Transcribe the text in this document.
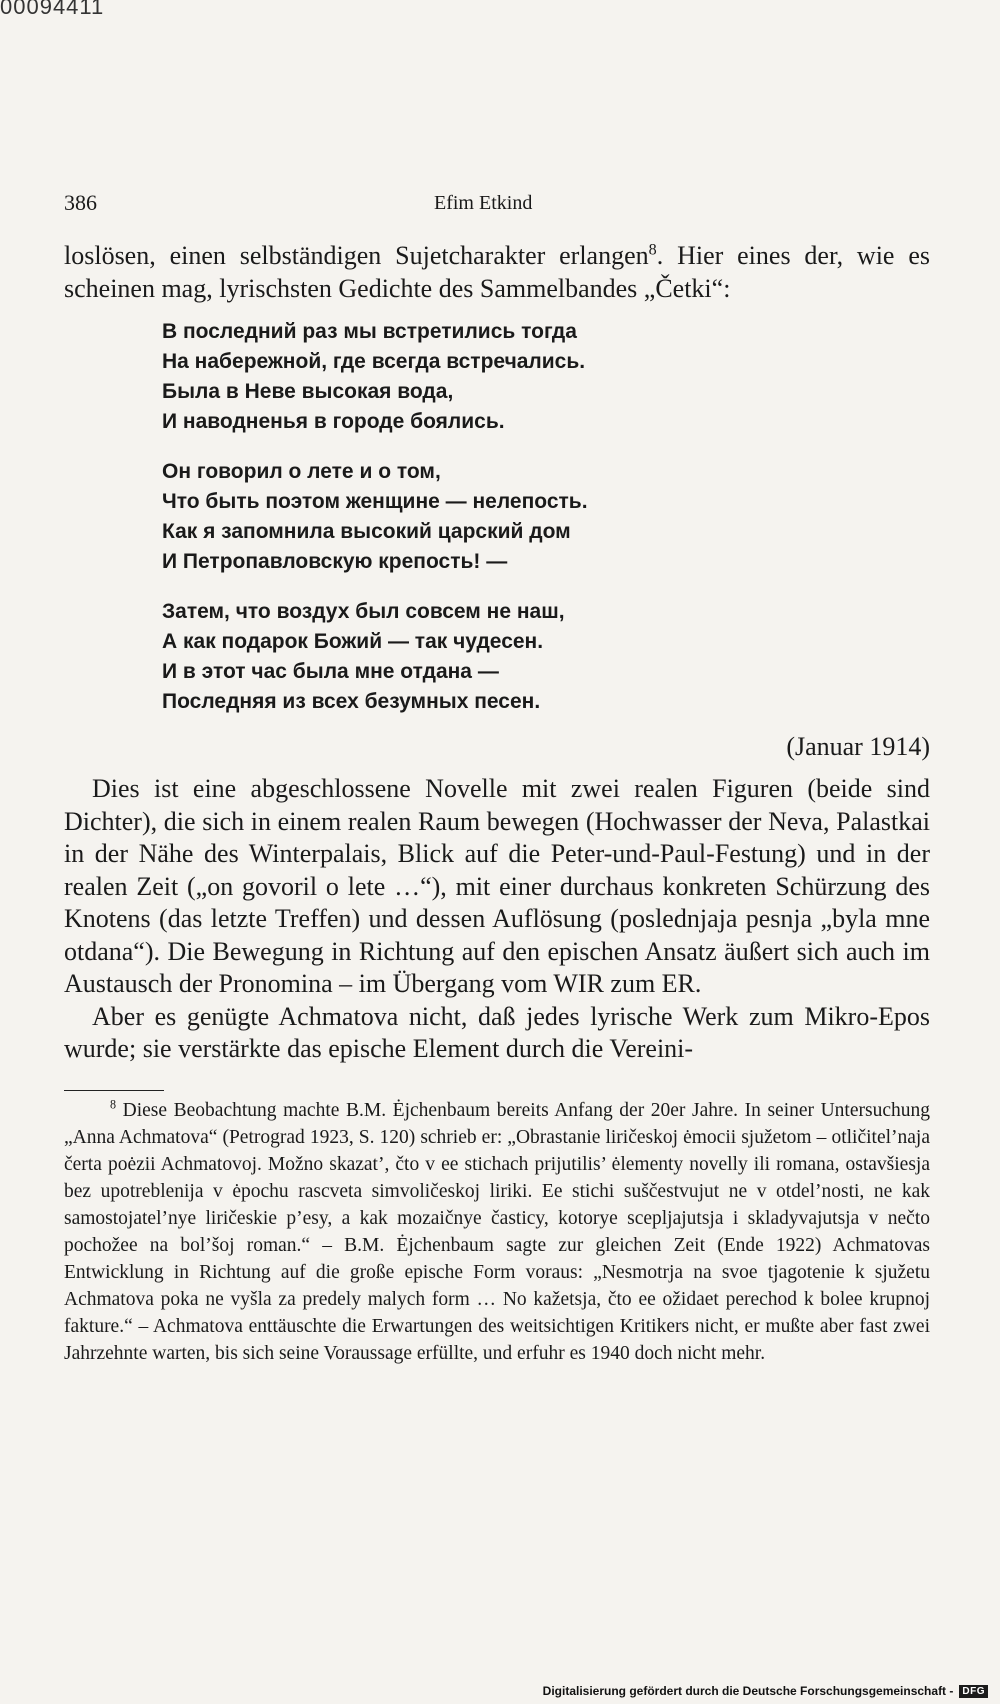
00094411
386	Efim Etkind

loslösen, einen selbständigen Sujetcharakter erlangen$^8$. Hier eines der, wie es scheinen mag, lyrischsten Gedichte des Sammelbandes „Četki“:

В последний раз мы встретились тогда
На набережной, где всегда встречались.
Была в Неве высокая вода,
И наводненья в городе боялись.
Он говорил о лете и о том,
Что быть поэтом женщине — нелепость.
Как я запомнила высокий царский дом
И Петропавловскую крепость! —
Затем, что воздух был совсем не наш,
А как подарок Божий — так чудесен.
И в этот час была мне отдана —
Последняя из всех безумных песен.
(Januar 1914)

Dies ist eine abgeschlossene Novelle mit zwei realen Figuren (beide sind Dichter), die sich in einem realen Raum bewegen (Hochwasser der Neva, Palastkai in der Nähe des Winterpalais, Blick auf die Peter-und-Paul-Festung) und in der realen Zeit („on govoril o lete …“), mit einer durchaus konkreten Schürzung des Knotens (das letzte Treffen) und dessen Auflösung (poslednjaja pesnja „byla mne otdana“). Die Bewegung in Richtung auf den epischen Ansatz äußert sich auch im Austausch der Pronomina – im Übergang vom WIR zum ER.

Aber es genügte Achmatova nicht, daß jedes lyrische Werk zum Mikro-Epos wurde; sie verstärkte das epische Element durch die Vereini-

$^8$ Diese Beobachtung machte B.M. Ėjchenbaum bereits Anfang der 20er Jahre. In seiner Untersuchung „Anna Achmatova“ (Petrograd 1923, S. 120) schrieb er: „Obrastanie liričeskoj ėmocii sjužetom – otličitel’naja čerta poėzii Achmatovoj. Možno skazat’, čto v ee stichach prijutilis’ ėlementy novelly ili romana, ostavšiesja bez upotreblenija v ėpochu rascveta simvoličeskoj liriki. Ee stichi suščestvujut ne v otdel’nosti, ne kak samostojatel’nye liričeskie p’esy, a kak mozaičnye časticy, kotorye scepljajutsja i skladyvajutsja v nečto pochožee na bol’šoj roman.“ – B.M. Ėjchenbaum sagte zur gleichen Zeit (Ende 1922) Achmatovas Entwicklung in Richtung auf die große epische Form voraus: „Nesmotrja na svoe tjagotenie k sjužetu Achmatova poka ne vyšla za predely malych form … No kažetsja, čto ee ožidaet perechod k bolee krupnoj fakture.“ – Achmatova enttäuschte die Erwartungen des weitsichtigen Kritikers nicht, er mußte aber fast zwei Jahrzehnte warten, bis sich seine Voraussage erfüllte, und erfuhr es 1940 doch nicht mehr.
Digitalisierung gefördert durch die Deutsche Forschungsgemeinschaft - DFG
